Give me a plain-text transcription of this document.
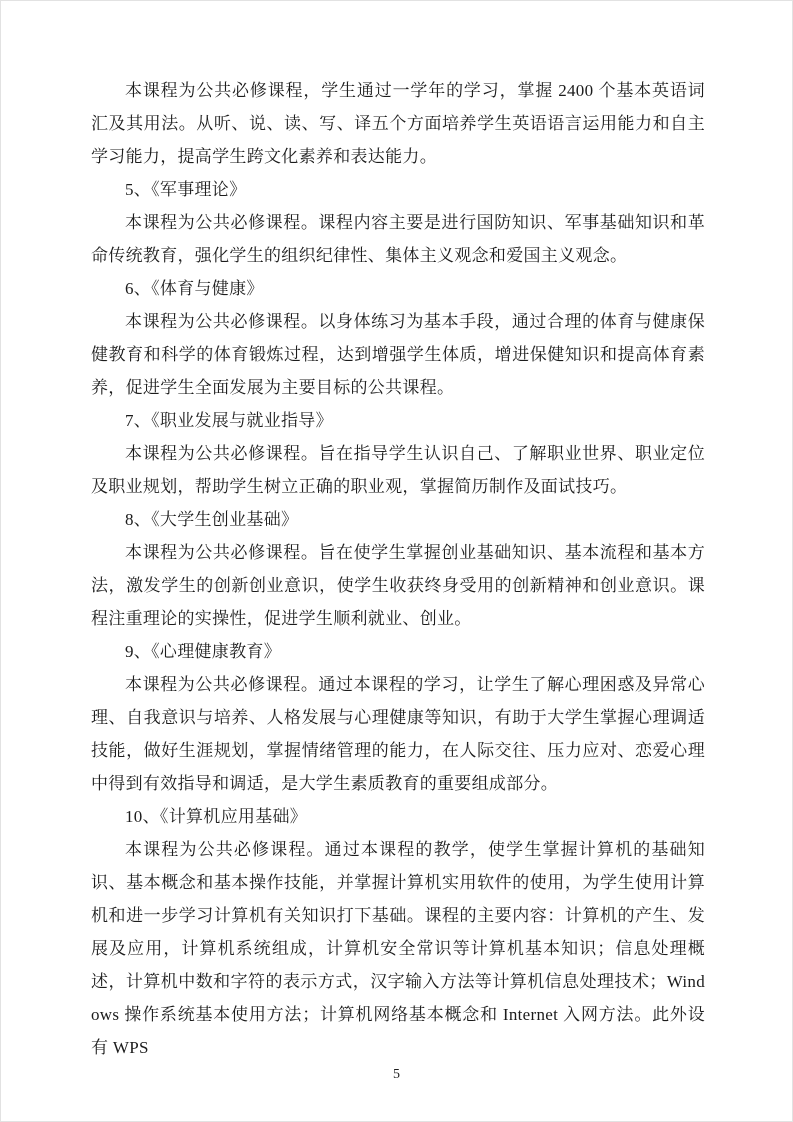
本课程为公共必修课程，学生通过一学年的学习，掌握 2400 个基本英语词汇及其用法。从听、说、读、写、译五个方面培养学生英语语言运用能力和自主学习能力，提高学生跨文化素养和表达能力。

5、《军事理论》

本课程为公共必修课程。课程内容主要是进行国防知识、军事基础知识和革命传统教育，强化学生的组织纪律性、集体主义观念和爱国主义观念。

6、《体育与健康》

本课程为公共必修课程。以身体练习为基本手段，通过合理的体育与健康保健教育和科学的体育锻炼过程，达到增强学生体质，增进保健知识和提高体育素养，促进学生全面发展为主要目标的公共课程。

7、《职业发展与就业指导》

本课程为公共必修课程。旨在指导学生认识自己、了解职业世界、职业定位及职业规划，帮助学生树立正确的职业观，掌握简历制作及面试技巧。

8、《大学生创业基础》

本课程为公共必修课程。旨在使学生掌握创业基础知识、基本流程和基本方法，激发学生的创新创业意识，使学生收获终身受用的创新精神和创业意识。课程注重理论的实操性，促进学生顺利就业、创业。

9、《心理健康教育》

本课程为公共必修课程。通过本课程的学习，让学生了解心理困惑及异常心理、自我意识与培养、人格发展与心理健康等知识，有助于大学生掌握心理调适技能，做好生涯规划，掌握情绪管理的能力，在人际交往、压力应对、恋爱心理中得到有效指导和调适，是大学生素质教育的重要组成部分。

10、《计算机应用基础》

本课程为公共必修课程。通过本课程的教学，使学生掌握计算机的基础知识、基本概念和基本操作技能，并掌握计算机实用软件的使用，为学生使用计算机和进一步学习计算机有关知识打下基础。课程的主要内容：计算机的产生、发展及应用，计算机系统组成，计算机安全常识等计算机基本知识；信息处理概述，计算机中数和字符的表示方式，汉字输入方法等计算机信息处理技术；Windows 操作系统基本使用方法；计算机网络基本概念和 Internet 入网方法。此外设有 WPS

5
